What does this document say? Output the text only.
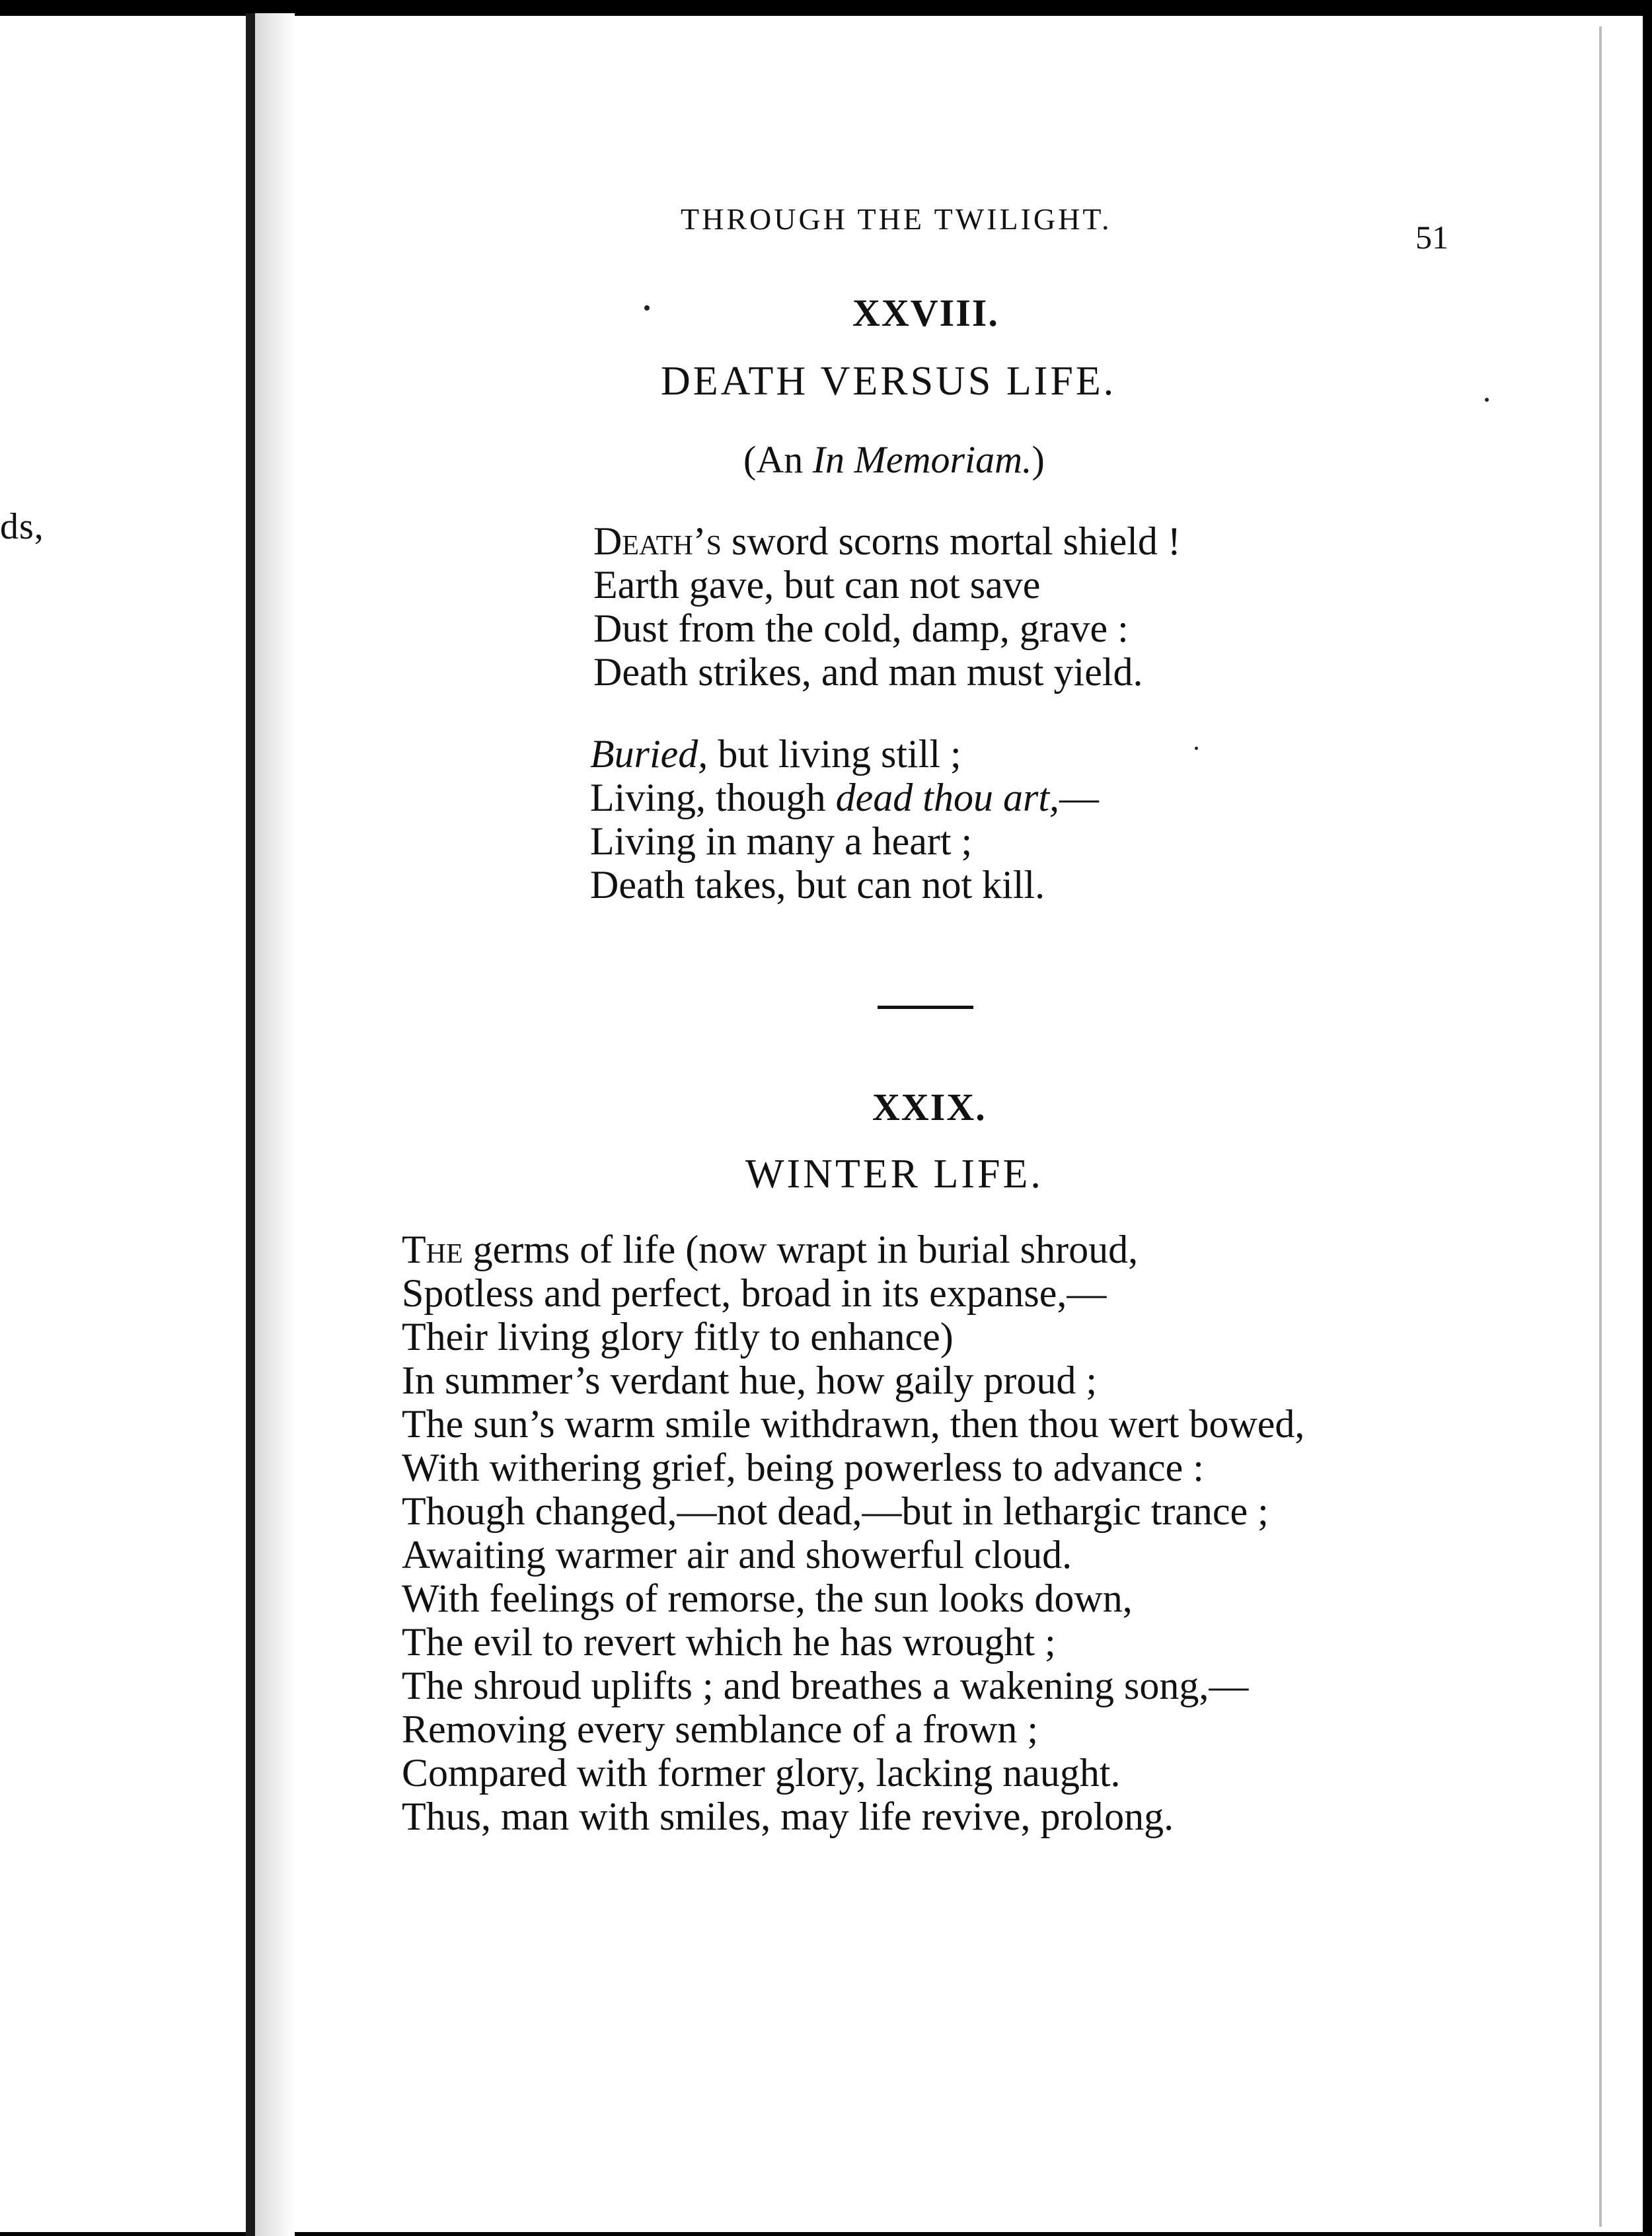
ds,
THROUGH THE TWILIGHT.	51
XXVIII.
DEATH VERSUS LIFE.
(An In Memoriam.)
Death’s sword scorns mortal shield !
Earth gave, but can not save
Dust from the cold, damp, grave :
Death strikes, and man must yield.
Buried, but living still ;
Living, though dead thou art,—
Living in many a heart ;
Death takes, but can not kill.
XXIX.
WINTER LIFE.
The germs of life (now wrapt in burial shroud,
Spotless and perfect, broad in its expanse,—
Their living glory fitly to enhance)
In summer’s verdant hue, how gaily proud ;
The sun’s warm smile withdrawn, then thou wert bowed,
With withering grief, being powerless to advance :
Though changed,—not dead,—but in lethargic trance ;
Awaiting warmer air and showerful cloud.
With feelings of remorse, the sun looks down,
The evil to revert which he has wrought ;
The shroud uplifts ; and breathes a wakening song,—
Removing every semblance of a frown ;
Compared with former glory, lacking naught.
Thus, man with smiles, may life revive, prolong.
